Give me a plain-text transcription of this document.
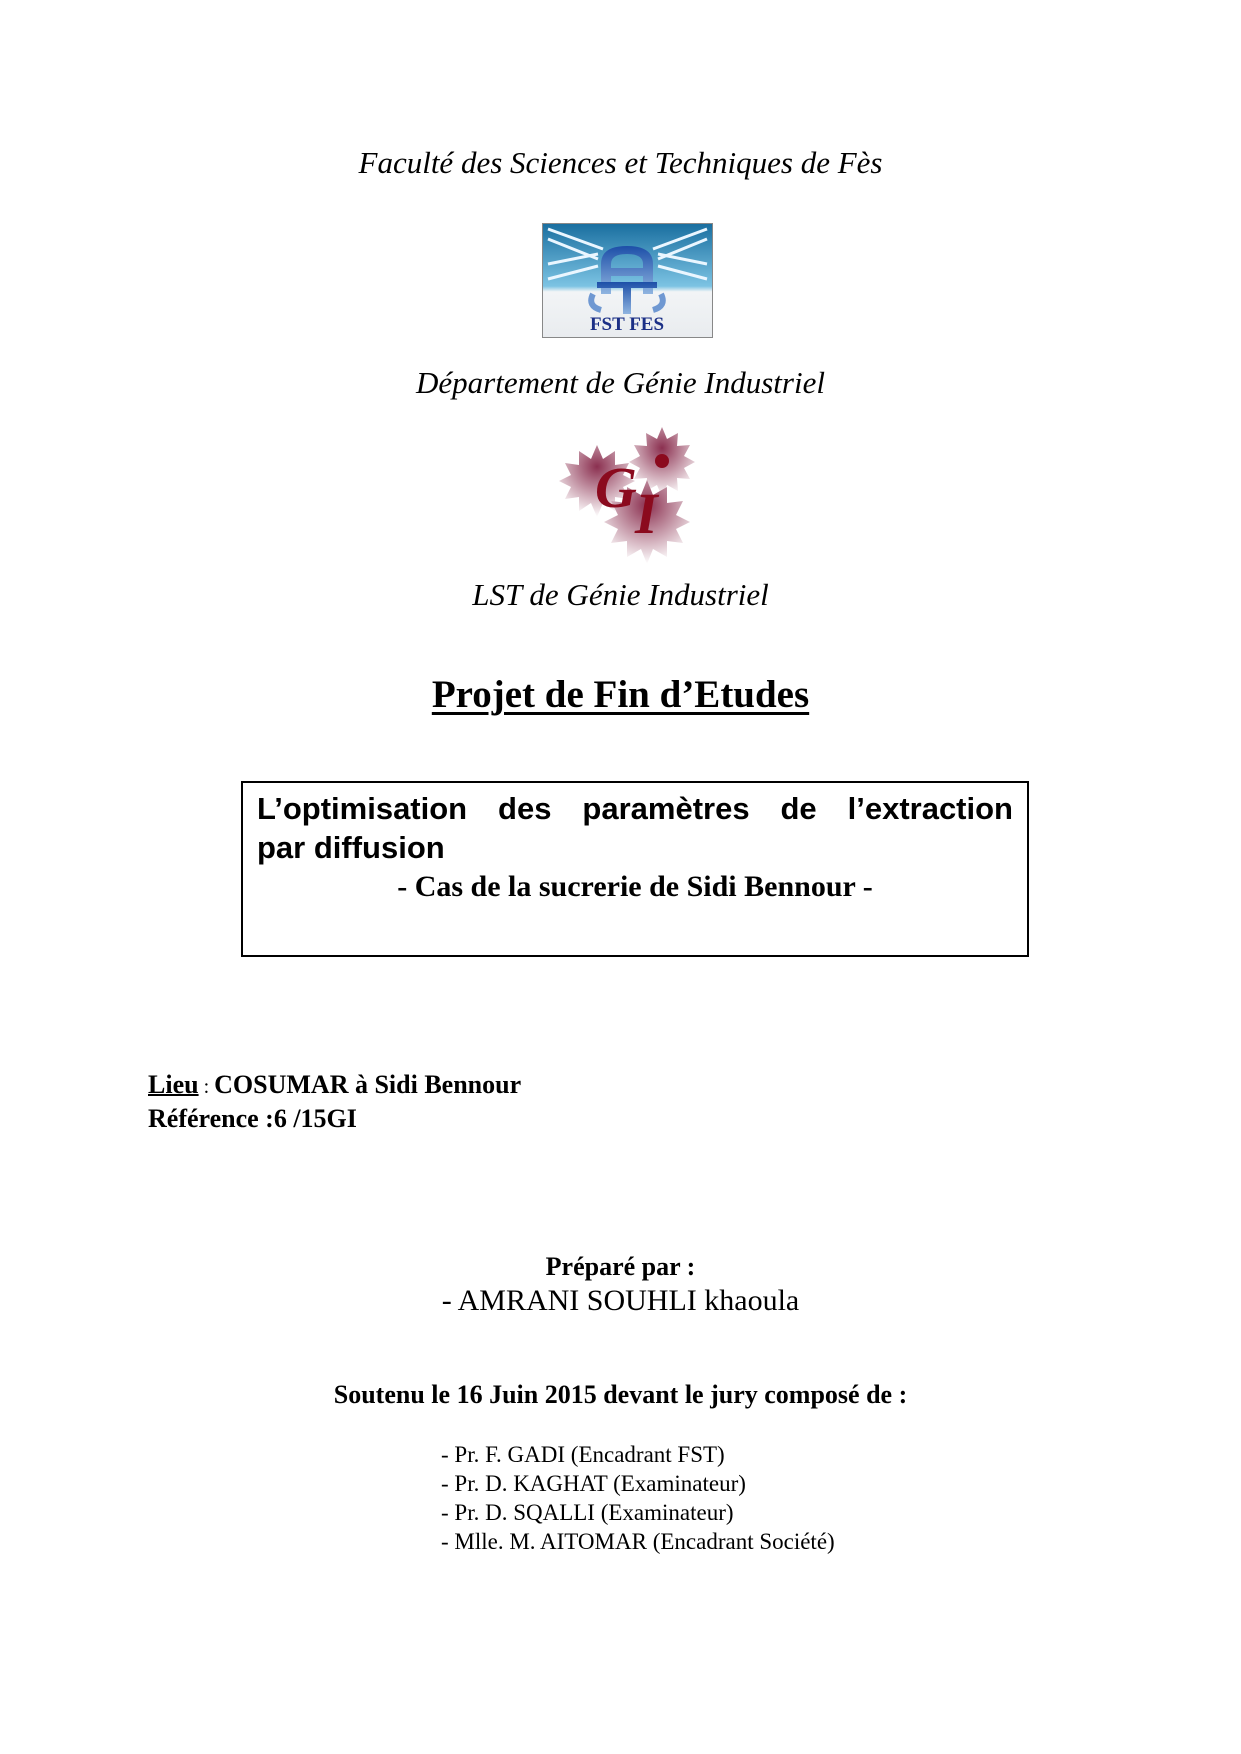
Faculté des Sciences et Techniques de Fès
FST FES
Département de Génie Industriel
G
I
LST de Génie Industriel
Projet de Fin d’Etudes
L’optimisation des paramètres de l’extraction
par diffusion
- Cas de la sucrerie de Sidi Bennour -
Lieu : COSUMAR à Sidi Bennour
Référence :6 /15GI
Préparé par :
- AMRANI SOUHLI khaoula
Soutenu le 16 Juin 2015 devant le jury composé de :
- Pr. F. GADI (Encadrant FST)
- Pr. D. KAGHAT (Examinateur)
- Pr. D. SQALLI (Examinateur)
- Mlle. M. AITOMAR (Encadrant Société)
